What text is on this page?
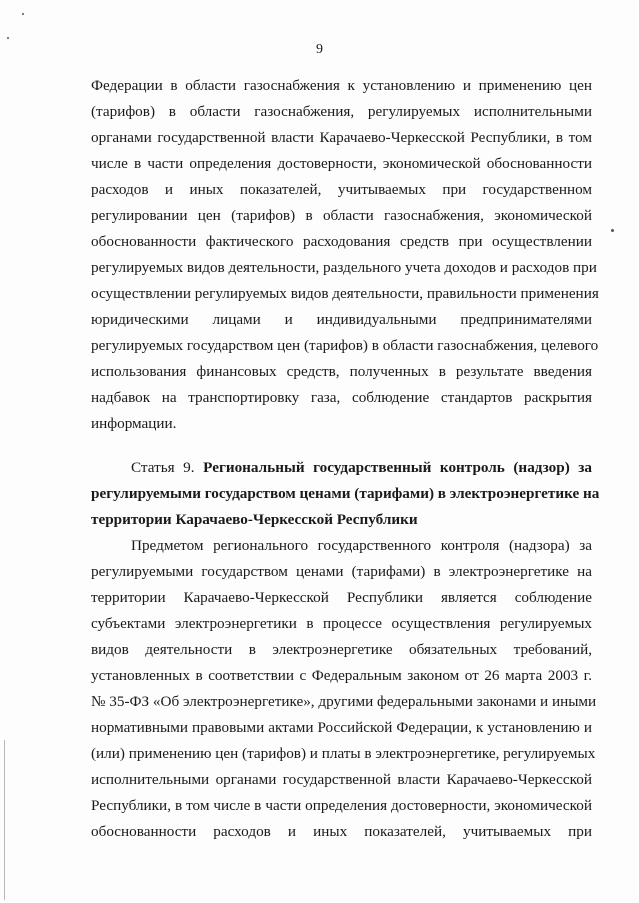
9
Федерации в области газоснабжения к установлению и применению цен
(тарифов) в области газоснабжения, регулируемых исполнительными
органами государственной власти Карачаево-Черкесской Республики, в том
числе в части определения достоверности, экономической обоснованности
расходов и иных показателей, учитываемых при государственном
регулировании цен (тарифов) в области газоснабжения, экономической
обоснованности фактического расходования средств при осуществлении
регулируемых видов деятельности, раздельного учета доходов и расходов при
осуществлении регулируемых видов деятельности, правильности применения
юридическими лицами и индивидуальными предпринимателями
регулируемых государством цен (тарифов) в области газоснабжения, целевого
использования финансовых средств, полученных в результате введения
надбавок на транспортировку газа, соблюдение стандартов раскрытия
информации.
Статья 9. Региональный государственный контроль (надзор) за
регулируемыми государством ценами (тарифами) в электроэнергетике на
территории Карачаево-Черкесской Республики
Предметом регионального государственного контроля (надзора) за
регулируемыми государством ценами (тарифами) в электроэнергетике на
территории Карачаево-Черкесской Республики является соблюдение
субъектами электроэнергетики в процессе осуществления регулируемых
видов деятельности в электроэнергетике обязательных требований,
установленных в соответствии с Федеральным законом от 26 марта 2003 г.
№ 35-ФЗ «Об электроэнергетике», другими федеральными законами и иными
нормативными правовыми актами Российской Федерации, к установлению и
(или) применению цен (тарифов) и платы в электроэнергетике, регулируемых
исполнительными органами государственной власти Карачаево-Черкесской
Республики, в том числе в части определения достоверности, экономической
обоснованности расходов и иных показателей, учитываемых при
